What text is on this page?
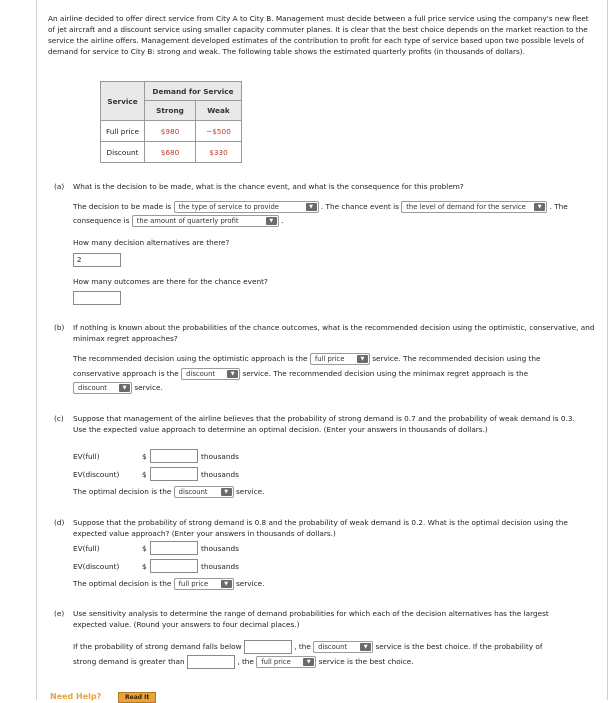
An airline decided to offer direct service from City A to City B. Management must decide between a full price service using the company's new fleet of jet aircraft and a discount service using smaller capacity commuter planes. It is clear that the best choice depends on the market reaction to the service the airline offers. Management developed estimates of the contribution to profit for each type of service based upon two possible levels of demand for service to City B: strong and weak. The following table shows the estimated quarterly profits (in thousands of dollars).

Service	Demand for Service	
	Strong	Weak
Full price	$980	−$500
Discount	$680	$330
(a) What is the decision to be made, what is the chance event, and what is the consequence for this problem?
The decision to be made is the type of service to provide	▼	. The chance event is the level of demand for the service	▼	. The
consequence is the amount of quarterly profit	▼	.
How many decision alternatives are there?
2
How many outcomes are there for the chance event?
(b) If nothing is known about the probabilities of the chance outcomes, what is the recommended decision using the optimistic, conservative, and minimax regret approaches?
The recommended decision using the optimistic approach is the full price	▼	service. The recommended decision using the
conservative approach is the discount	▼	service. The recommended decision using the minimax regret approach is the
discount	▼	service.
(c) Suppose that management of the airline believes that the probability of strong demand is 0.7 and the probability of weak demand is 0.3. Use the expected value approach to determine an optimal decision. (Enter your answers in thousands of dollars.)
EV(full)	$	thousands
EV(discount)	$	thousands
The optimal decision is the discount	▼	service.
(d) Suppose that the probability of strong demand is 0.8 and the probability of weak demand is 0.2. What is the optimal decision using the expected value approach? (Enter your answers in thousands of dollars.)
EV(full)	$	thousands
EV(discount)	$	thousands
The optimal decision is the full price	▼	service.
(e) Use sensitivity analysis to determine the range of demand probabilities for which each of the decision alternatives has the largest expected value. (Round your answers to four decimal places.)
If the probability of strong demand falls below	, the discount	▼	service is the best choice. If the probability of
strong demand is greater than	, the full price	▼	service is the best choice.
Need Help?	Read It
